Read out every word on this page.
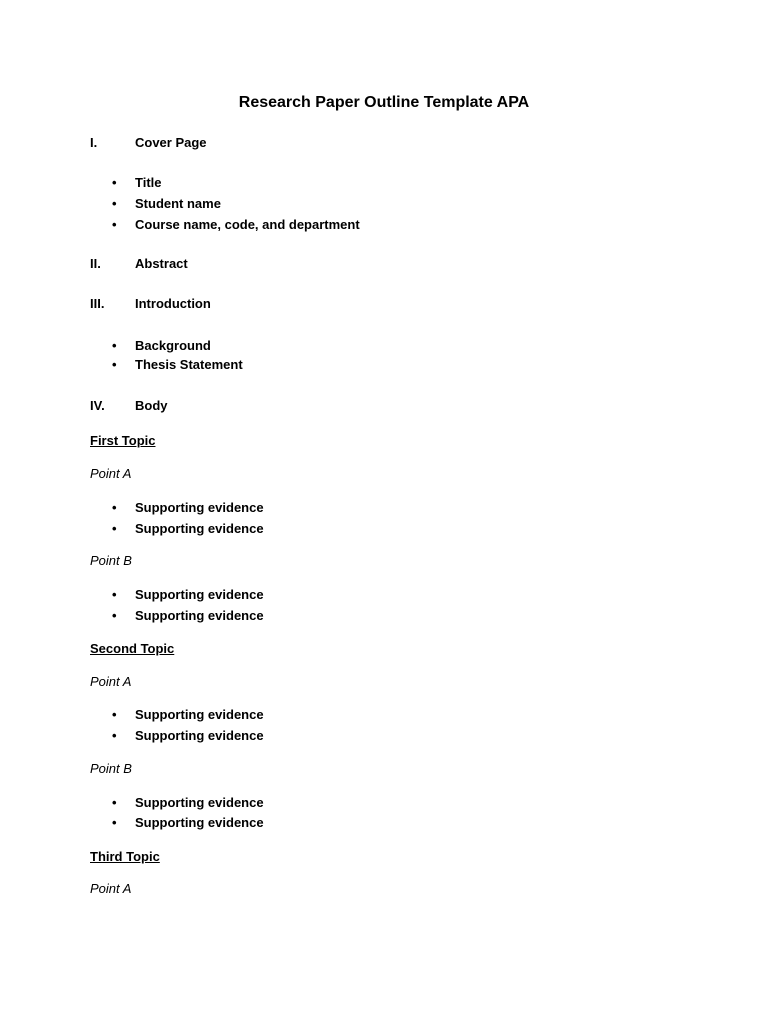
Research Paper Outline Template APA
I.	Cover Page
• Title
• Student name
• Course name, code, and department
II.	Abstract
III. Introduction
• Background
• Thesis Statement
IV. Body
First Topic
Point A
• Supporting evidence
• Supporting evidence
Point B
• Supporting evidence
• Supporting evidence
Second Topic
Point A
• Supporting evidence
• Supporting evidence
Point B
• Supporting evidence
• Supporting evidence
Third Topic
Point A
